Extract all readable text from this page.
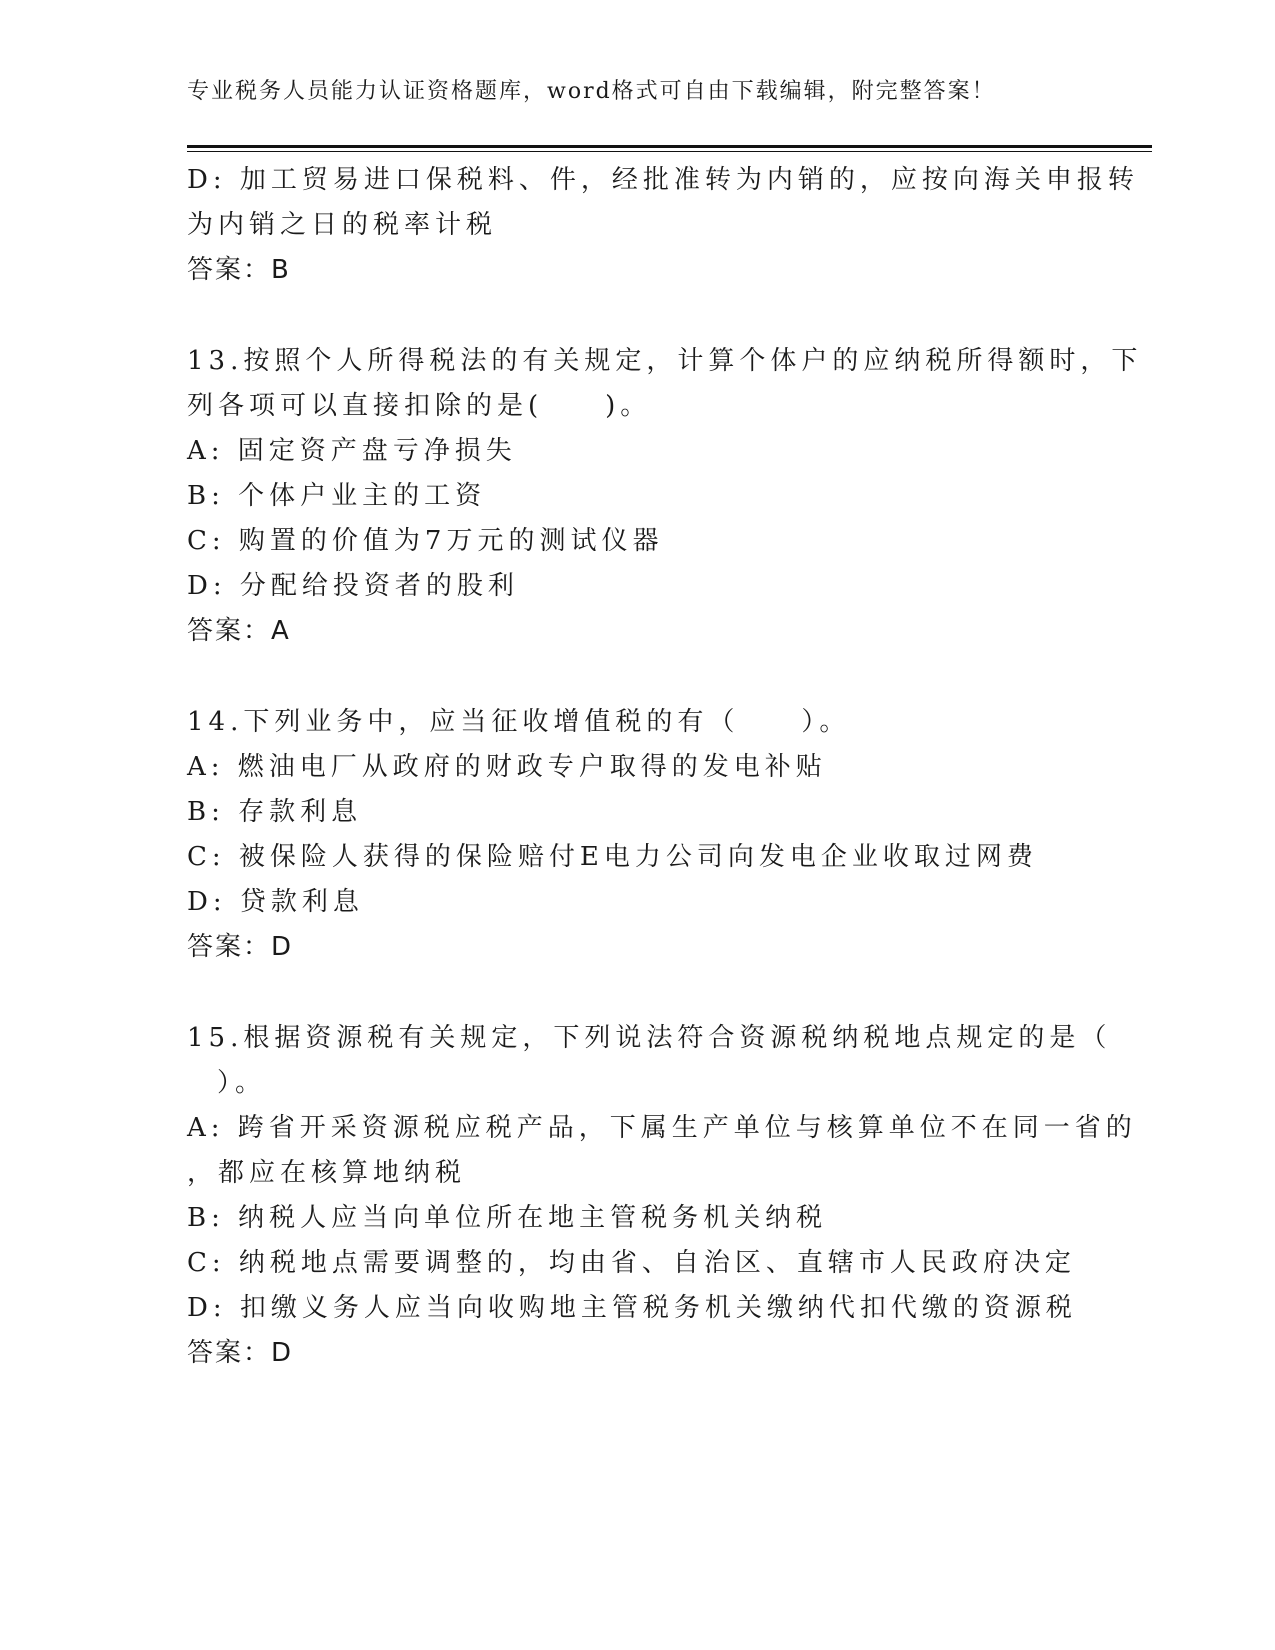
专业税务人员能力认证资格题库，word格式可自由下载编辑，附完整答案！
D: 加工贸易进口保税料、件，经批准转为内销的，应按向海关申报转
为内销之日的税率计税
答案：B
13.按照个人所得税法的有关规定，计算个体户的应纳税所得额时，下
列各项可以直接扣除的是(　　)。
A: 固定资产盘亏净损失
B: 个体户业主的工资
C: 购置的价值为7万元的测试仪器
D: 分配给投资者的股利
答案：A
14.下列业务中，应当征收增值税的有（　　）。
A: 燃油电厂从政府的财政专户取得的发电补贴
B: 存款利息
C: 被保险人获得的保险赔付E电力公司向发电企业收取过网费
D: 贷款利息
答案：D
15.根据资源税有关规定，下列说法符合资源税纳税地点规定的是（
）。
A: 跨省开采资源税应税产品，下属生产单位与核算单位不在同一省的
，都应在核算地纳税
B: 纳税人应当向单位所在地主管税务机关纳税
C: 纳税地点需要调整的，均由省、自治区、直辖市人民政府决定
D: 扣缴义务人应当向收购地主管税务机关缴纳代扣代缴的资源税
答案：D
